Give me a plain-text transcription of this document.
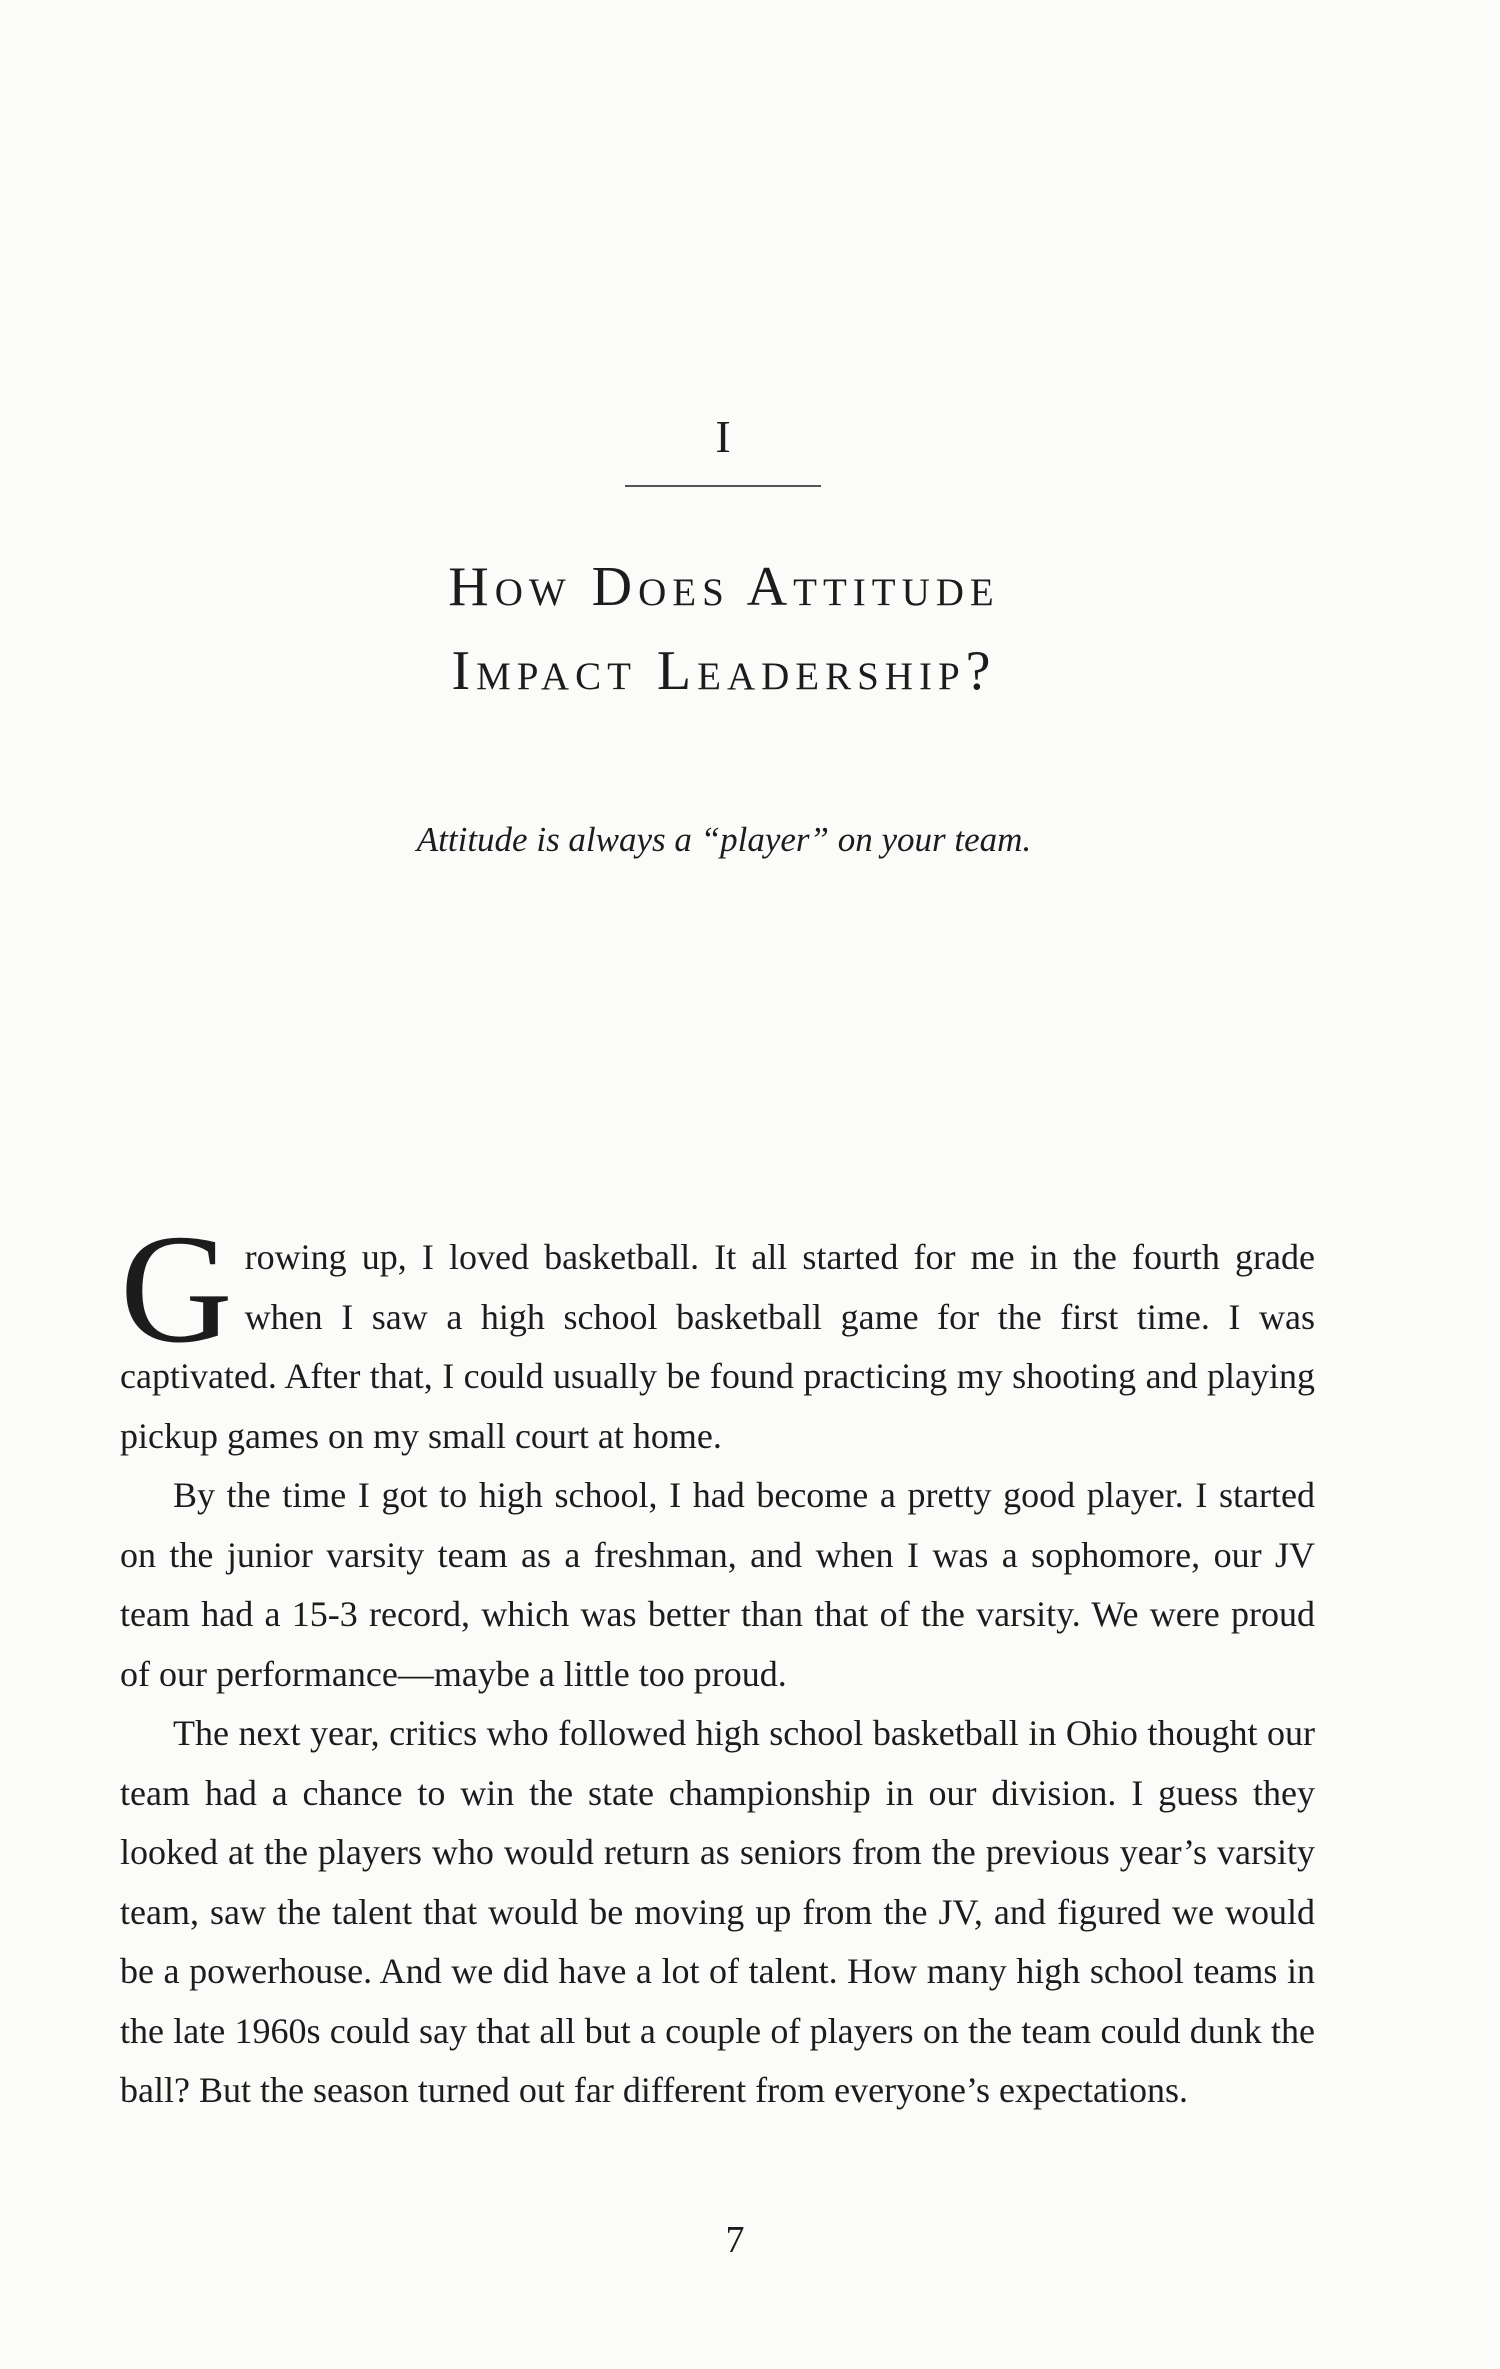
I
How Does Attitude
Impact Leadership?
Attitude is always a “player” on your team.

Growing up, I loved basketball. It all started for me in the fourth grade when I saw a high school basketball game for the first time. I was captivated. After that, I could usually be found practicing my shooting and playing pickup games on my small court at home.

By the time I got to high school, I had become a pretty good player. I started on the junior varsity team as a freshman, and when I was a sophomore, our JV team had a 15-3 record, which was better than that of the varsity. We were proud of our performance—maybe a little too proud.

The next year, critics who followed high school basketball in Ohio thought our team had a chance to win the state championship in our division. I guess they looked at the players who would return as seniors from the previous year’s varsity team, saw the talent that would be moving up from the JV, and figured we would be a powerhouse. And we did have a lot of talent. How many high school teams in the late 1960s could say that all but a couple of players on the team could dunk the ball? But the season turned out far different from everyone’s expectations.

7
